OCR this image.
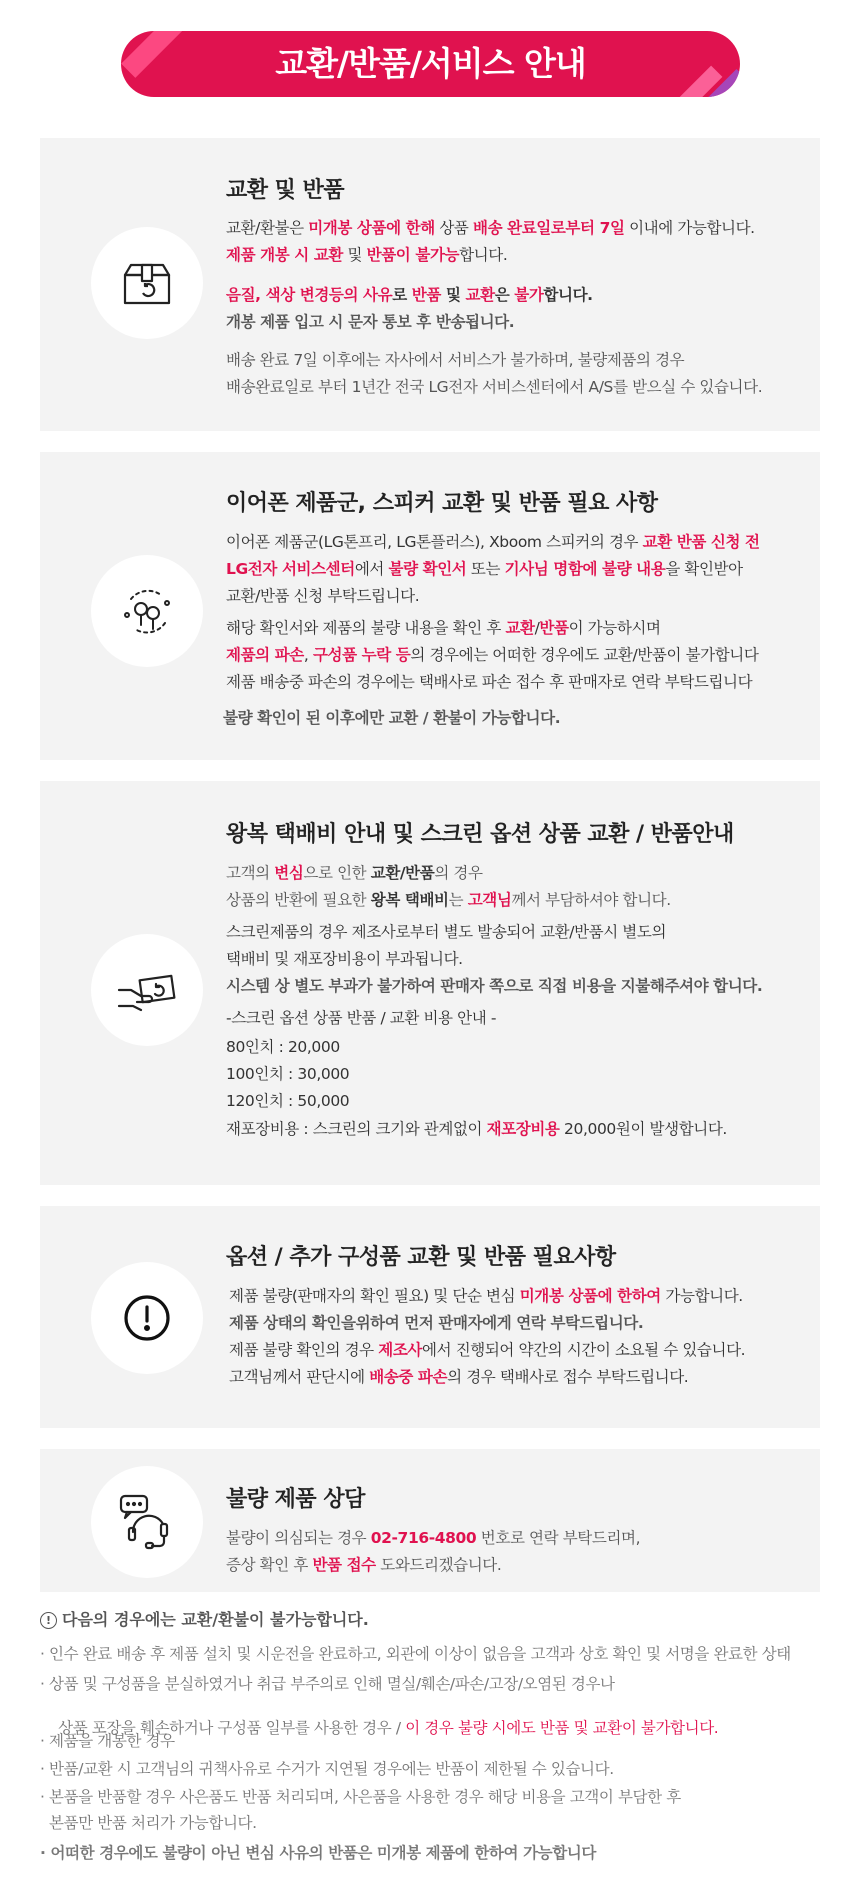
교환/반품/서비스 안내
교환 및 반품
교환/환불은 미개봉 상품에 한해 상품 배송 완료일로부터 7일 이내에 가능합니다.
제품 개봉 시 교환 및 반품이 불가능합니다.
음질, 색상 변경등의 사유로 반품 및 교환은 불가합니다.
개봉 제품 입고 시 문자 통보 후 반송됩니다.
배송 완료 7일 이후에는 자사에서 서비스가 불가하며, 불량제품의 경우
배송완료일로 부터 1년간 전국 LG전자 서비스센터에서 A/S를 받으실 수 있습니다.
이어폰 제품군, 스피커 교환 및 반품 필요 사항
이어폰 제품군(LG톤프리, LG톤플러스), Xboom 스피커의 경우 교환 반품 신청 전
LG전자 서비스센터에서 불량 확인서 또는 기사님 명함에 불량 내용을 확인받아
교환/반품 신청 부탁드립니다.
해당 확인서와 제품의 불량 내용을 확인 후 교환/반품이 가능하시며
제품의 파손, 구성품 누락 등의 경우에는 어떠한 경우에도 교환/반품이 불가합니다
제품 배송중 파손의 경우에는 택배사로 파손 접수 후 판매자로 연락 부탁드립니다
불량 확인이 된 이후에만 교환 / 환불이 가능합니다.
왕복 택배비 안내 및 스크린 옵션 상품 교환 / 반품안내
고객의 변심으로 인한 교환/반품의 경우
상품의 반환에 필요한 왕복 택배비는 고객님께서 부담하셔야 합니다.
스크린제품의 경우 제조사로부터 별도 발송되어 교환/반품시 별도의
택배비 및 재포장비용이 부과됩니다.
시스템 상 별도 부과가 불가하여 판매자 쪽으로 직접 비용을 지불해주셔야 합니다.
-스크린 옵션 상품 반품 / 교환 비용 안내 -
80인치 : 20,000
100인치 : 30,000
120인치 : 50,000
재포장비용 : 스크린의 크기와 관계없이 재포장비용 20,000원이 발생합니다.
옵션 / 추가 구성품 교환 및 반품 필요사항
제품 불량(판매자의 확인 필요) 및 단순 변심 미개봉 상품에 한하여 가능합니다.
제품 상태의 확인을위하여 먼저 판매자에게 연락 부탁드립니다.
제품 불량 확인의 경우 제조사에서 진행되어 약간의 시간이 소요될 수 있습니다.
고객님께서 판단시에 배송중 파손의 경우 택배사로 접수 부탁드립니다.
불량 제품 상담
불량이 의심되는 경우 02-716-4800 번호로 연락 부탁드리며,
증상 확인 후 반품 접수 도와드리겠습니다.
! 다음의 경우에는 교환/환불이 불가능합니다.
· 인수 완료 배송 후 제품 설치 및 시운전을 완료하고, 외관에 이상이 없음을 고객과 상호 확인 및 서명을 완료한 상태
· 상품 및 구성품을 분실하였거나 취급 부주의로 인해 멸실/훼손/파손/고장/오염된 경우나

상품 포장을 훼손하거나 구성품 일부를 사용한 경우 / 이 경우 불량 시에도 반품 및 교환이 불가합니다.

· 제품을 개봉한 경우
· 반품/교환 시 고객님의 귀책사유로 수거가 지연될 경우에는 반품이 제한될 수 있습니다.
· 본품을 반품할 경우 사은품도 반품 처리되며, 사은품을 사용한 경우 해당 비용을 고객이 부담한 후
본품만 반품 처리가 가능합니다.
· 어떠한 경우에도 불량이 아닌 변심 사유의 반품은 미개봉 제품에 한하여 가능합니다
